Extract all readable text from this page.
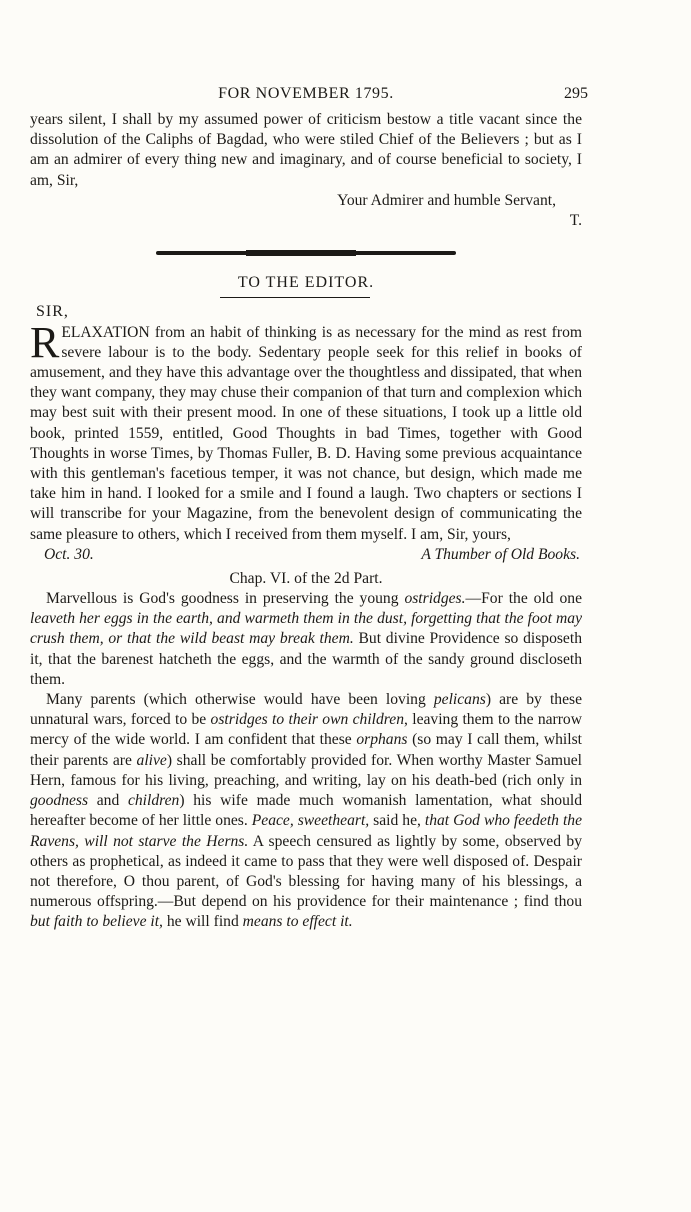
FOR NOVEMBER 1795.	295

years silent, I shall by my assumed power of criticism bestow a title vacant since the dissolution of the Caliphs of Bagdad, who were stiled Chief of the Believers ; but as I am an admirer of every thing new and imaginary, and of course beneficial to society, I am, Sir,

Your Admirer and humble Servant,

T.

TO THE EDITOR.
SIR,

RELAXATION from an habit of thinking is as necessary for the mind as rest from severe labour is to the body. Sedentary people seek for this relief in books of amusement, and they have this advantage over the thoughtless and dissipated, that when they want company, they may chuse their companion of that turn and complexion which may best suit with their present mood. In one of these situations, I took up a little old book, printed 1559, entitled, Good Thoughts in bad Times, together with Good Thoughts in worse Times, by Thomas Fuller, B. D. Having some previous acquaintance with this gentleman's facetious temper, it was not chance, but design, which made me take him in hand. I looked for a smile and I found a laugh. Two chapters or sections I will transcribe for your Magazine, from the benevolent design of communicating the same pleasure to others, which I received from them myself. I am, Sir, yours,

Oct. 30.	A Thumber of Old Books.
Chap. VI. of the 2d Part.

Marvellous is God's goodness in preserving the young ostridges.—For the old one leaveth her eggs in the earth, and warmeth them in the dust, forgetting that the foot may crush them, or that the wild beast may break them. But divine Providence so disposeth it, that the barenest hatcheth the eggs, and the warmth of the sandy ground discloseth them.

Many parents (which otherwise would have been loving pelicans) are by these unnatural wars, forced to be ostridges to their own children, leaving them to the narrow mercy of the wide world. I am confident that these orphans (so may I call them, whilst their parents are alive) shall be comfortably provided for. When worthy Master Samuel Hern, famous for his living, preaching, and writing, lay on his death-bed (rich only in goodness and children) his wife made much womanish lamentation, what should hereafter become of her little ones. Peace, sweetheart, said he, that God who feedeth the Ravens, will not starve the Herns. A speech censured as lightly by some, observed by others as prophetical, as indeed it came to pass that they were well disposed of. Despair not therefore, O thou parent, of God's blessing for having many of his blessings, a numerous offspring.—But depend on his providence for their maintenance ; find thou but faith to believe it, he will find means to effect it.
